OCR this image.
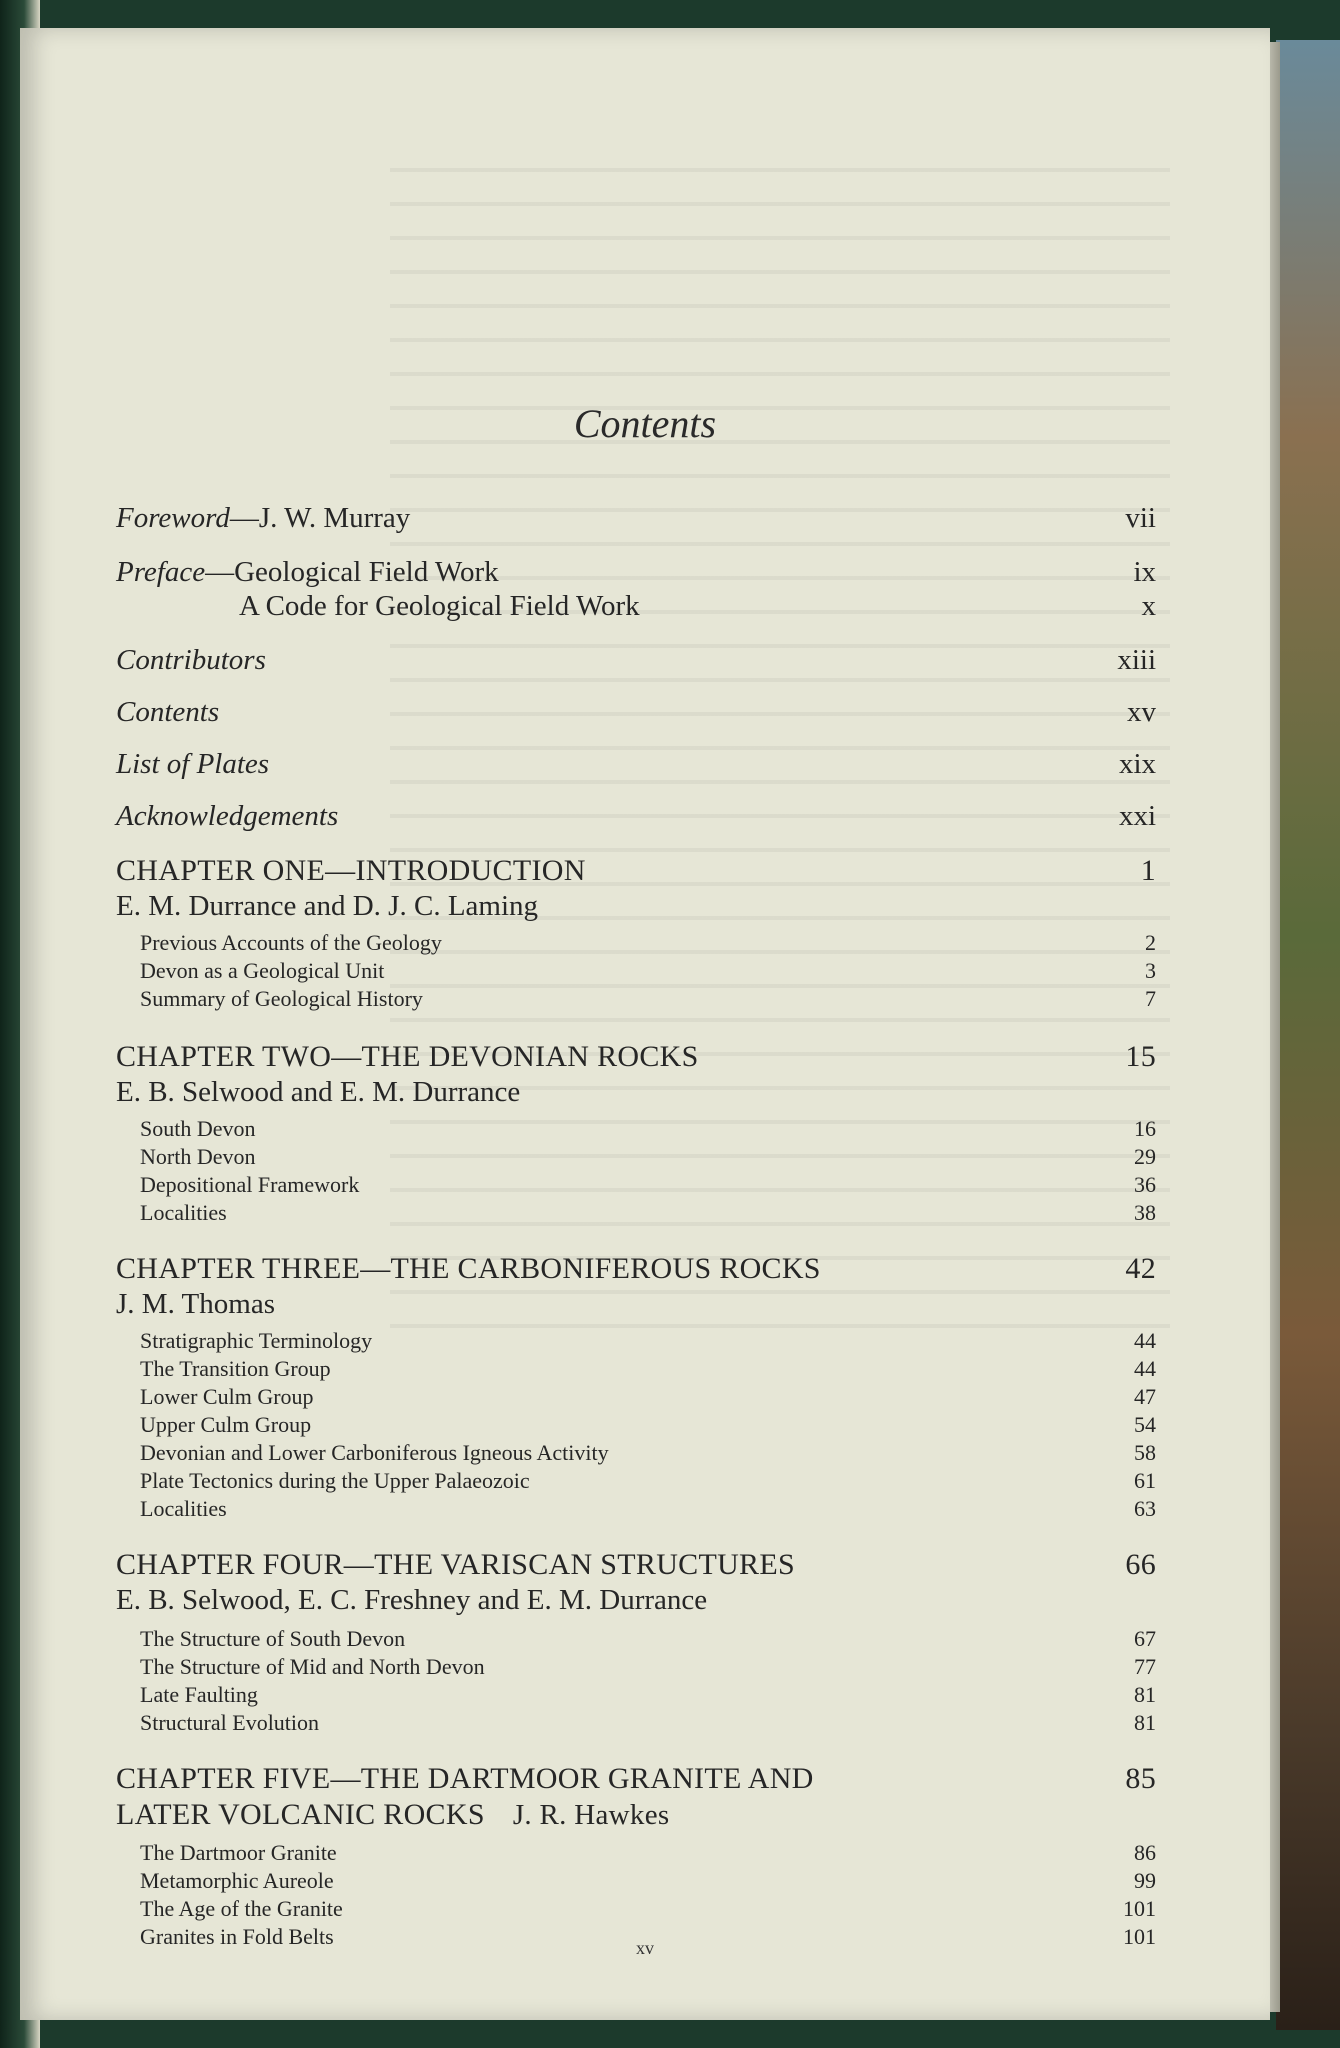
Contents
Foreword—J. W. Murray	vii
Preface—Geological Field Work	ix
A Code for Geological Field Work	x
Contributors	xiii
Contents	xv
List of Plates	xix
Acknowledgements	xxi
CHAPTER ONE—INTRODUCTION	1
E. M. Durrance and D. J. C. Laming
Previous Accounts of the Geology	2
Devon as a Geological Unit	3
Summary of Geological History	7
CHAPTER TWO—THE DEVONIAN ROCKS	15
E. B. Selwood and E. M. Durrance
South Devon	16
North Devon	29
Depositional Framework	36
Localities	38
CHAPTER THREE—THE CARBONIFEROUS ROCKS	42
J. M. Thomas
Stratigraphic Terminology	44
The Transition Group	44
Lower Culm Group	47
Upper Culm Group	54
Devonian and Lower Carboniferous Igneous Activity	58
Plate Tectonics during the Upper Palaeozoic	61
Localities	63
CHAPTER FOUR—THE VARISCAN STRUCTURES	66
E. B. Selwood, E. C. Freshney and E. M. Durrance
The Structure of South Devon	67
The Structure of Mid and North Devon	77
Late Faulting	81
Structural Evolution	81
CHAPTER FIVE—THE DARTMOOR GRANITE AND	85
LATER VOLCANIC ROCKS J. R. Hawkes
The Dartmoor Granite	86
Metamorphic Aureole	99
The Age of the Granite	101
Granites in Fold Belts	101
xv
